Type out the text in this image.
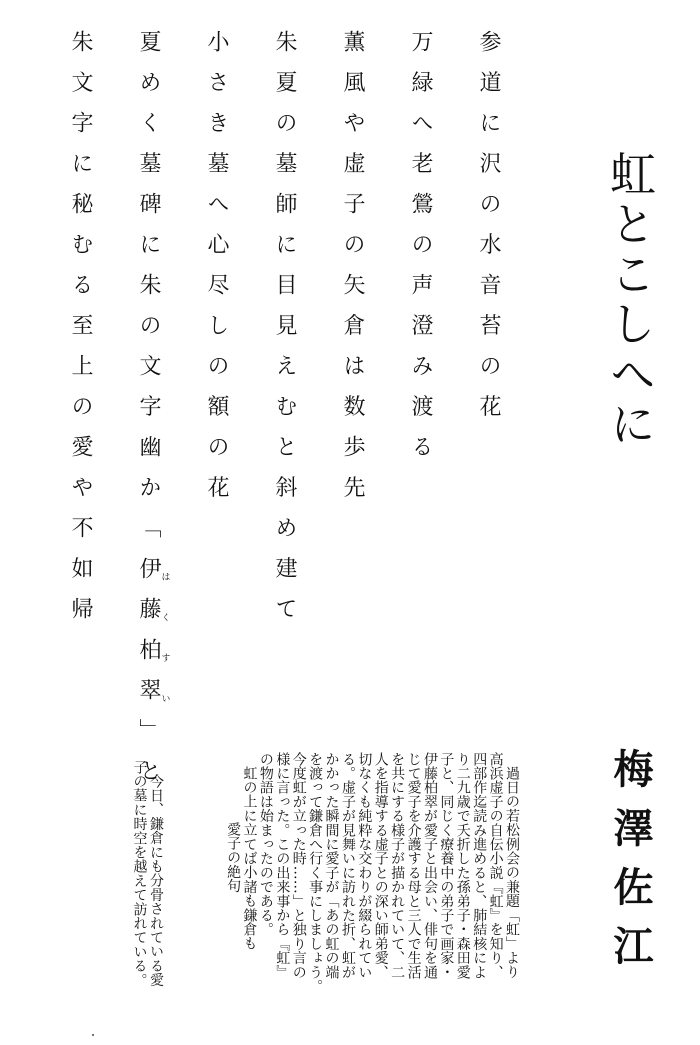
虹とこしへに
梅澤佐江
参道に沢の水音苔の花
万緑へ老鶯の声澄み渡る
薫風や虚子の矢倉は数歩先
朱夏の墓師に目見えむと斜め建て
小さき墓へ心尽しの額の花
夏めく墓碑に朱の文字幽か「伊は藤く柏す翠い」と
朱文字に秘むる至上の愛や不如帰
過日の若松例会の兼題「虹」より
高浜虚子の自伝小説『虹』を知り、
四部作迄読み進めると、肺結核によ
り二九歳で夭折した孫弟子・森田愛
子と、同じく療養中の弟子で画家・
伊藤柏翠が愛子と出会い、俳句を通
じて愛子を介護する母と三人で生活
を共にする様子が描かれていて、二
人を指導する虚子との深い師弟愛、
切なくも純粋な交わりが綴られてい
る。虚子が見舞いに訪れた折、虹が
かかった瞬間に愛子が「あの虹の端
を渡って鎌倉へ行く事にしましょう。
今度虹が立った時……」と独り言の
様に言った。この出来事から『虹』
の物語は始まったのである。
虹の上に立てば小諸も鎌倉も
愛子の絶句
今日、鎌倉にも分骨されている愛
子の墓に時空を越えて訪れている。
